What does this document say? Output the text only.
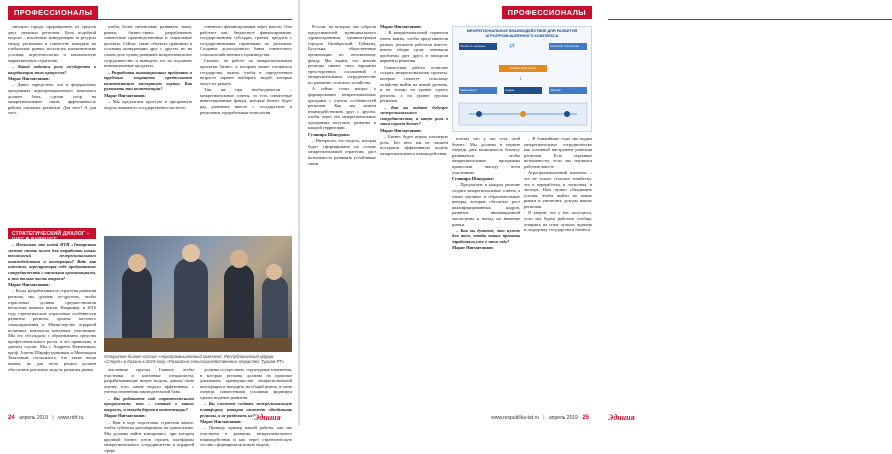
ПРОФЕССИОНАЛЫ

тинского города сформировать из средств двух смежных регионов. Цель подобной модели – исключить конкуренцию за ресурсы между регионами и совместно выходить на глобальные рынки, используя климатические условия, агротехнологии и комплексную маркетинговую стратегию.

– Какой видится роль государства в координации этих процессов?

Марат Нигматзянов:

– Давно определено, что в федеральных программах агропромышленного комплекса должен быть сделан упор на межрегиональные связи, эффективность работы смежных регионов. Для чего? А для того,

чтобы более интенсивно развивать связи, рынки, бизнес-связи, разрабатывать совместные производственные и социальные проекты. Сейчас такие объекты сравнимы в условиях конкуренции друг с другом, но на самом деле нужно развивать межрегиональное сотрудничество и выводить его на подлинно инновационные продукты.

– Разработка инновационных продуктов и трудовых мигрантов предполагает компетентную экспертную оценку. Как развивать эти компетенции?

Марат Нигматзянов:

– Мы предлагаем простую и прозрачную модель взаимного государственно-частного

ственного финансирования через налоги. Оно работает как: бюджетное финансирование, государственные субсидии, гранты, кредиты с государственными гарантиями по регионам. Создание долгосрочного банка совместного сельскохозяйственного производства.

Сказать, на работе по межрегиональным проектам бизнес, к которым может готовиться государство, важно, чтобы в определенном возрасте заранее выбирать людей, которые могут их решать.

Там же при необходимости – межрегиональные советы, то есть совместные инвестиционные фонды, которые бизнес будет рад развивать вместе с государством и регионами, прорабатывая технологии.

СТРАТЕГИЧЕСКИЙ ДИАЛОГ – ШАГ В БУДУЩЕЕ

– Насколько это новой НТИ «Татарстан может стать полем для отработки новых технологий межрегионального взаимодействия и кооперации? Ведь как известно, агрегирующая себе продуктивное сотрудничество с научными организациями, и это только часть вопроса?

Марат Нигматзянов:

– Когда разрабатывается стратегия развития региона, мы думаем, по-другому, чтобы отраслевые долины предшествовали несколько важных шагов. Например, в 2016 году стратегические отраслевые особенности развития региона, органы местного самоуправления и Министерство аграрной политики, вовлекали ключевых участников. Мы это обсуждали с образованием средства профессионального роста, и это правильно, в данном случае. Мы с Андреем Фомичевым, проф. Азатом Шарафутдиновым и Минзиадом Заляловым согласились, что такие вещи важны, но для этого регион должен обеспечить реальную модель развития рынка.

Открытое бизнес-сессия «Агропромышленный комплекс: Республиканский форум «Спорт» в Казани в 2019 году «Развитие сельскохозяйственных отраслей, Туризм РТ»

численные группы. Главное, чтобы участники и ключевые специалисты, разрабатывающие новую модель, давали свою оценку того, какие модели эффективны, с учетом изменения законодательной базы.

– Вы работаете над стратегическими программами, кто – главный в таких вопросах, и откуда берутся компетенции?

Марат Нигматзянов:

– Нам в ходе подготовки стратегии важно, чтобы субъекты разговаривали на одном языке. Мы должны найти компромисс, при котором крупный бизнес готов строить платформы межрегионального сотрудничества в аграрной сфере.

должны осуществить структурные изменения, в которых регионы должны на практике доказывать преимущества межрегиональной кооперации и выходить на общий рынок, в свою очередь совместными усилиями формируя единое видение развития.

– Вы сможете создать межрегиональную платформу, которая поможет объединить регионы, а не разделять их?

Марат Нигматзянов:

– Приведу пример нашей работы, как мы участвуем в развитии межрегионального взаимодействия и как через стратегическую сессию сформировали новую модель.

24 апрель 2019 | www.rdrf.ru	Эдиния
ПРОФЕССИОНАЛЫ

России, на которых мы собрали представителей муниципального здравоохранения, администрации городов Октябрьский, Туймазы, Бугульма, общественные организации по пенсионному фонду. Мы видим, что многие регионы имеют свои варианты трехсторонних соглашений о межрегиональном сотрудничестве по развитию сельского хозяйства.

А сейчас стоит вопрос о формировании межрегиональных программ с учетом особенностей регионов. Как мы можем взаимодействовать друг с другом, чтобы через эти межрегиональные программы получить развитие в каждой территории.

Гузнияра Шакурова:

– Интересно, что модель, которая будет сформирована на основе межрегиональной стратегии, даст возможность развивать устойчивые связи.

Марат Нигматзянов:

– В межрегиональной стратегии очень важно, чтобы представители разных регионов работали вместе, имели общие цели, понимали проблемы друг друга и находили варианты решения.

Совместная работа позволит создать межрегиональные проекты, которые помогут сельскому хозяйству выйти на новый уровень, и не только на уровне одного региона, а на уровне группы регионов.

– Как вы видите будущее межрегионального сотрудничества, и какую роль в этом играет бизнес?

Марат Нигматзянов:

– Бизнес будет играть ключевую роль. Без него мы не сможем построить эффективную модель межрегионального взаимодействия.

МЕЖРЕГИОНАЛЬНОЕ ВЗАИМОДЕЙСТВИЕ ДЛЯ РАЗВИТИЯ АГРОПРОМЫШЛЕННОГО КОМПЛЕКСА
Регион А: ресурсы	Регион Б: технологии
⇄
Совместный рынок
↓
Инвестиции	Кадры	Экспорт

потому что у нас есть свой бизнес. Мы должны в первую очередь дать возможность бизнесу развиваться, чтобы межрегиональные программы приносили выгоду всем участникам.

Гузнияра Шакурова:

– Предлагаем в каждом регионе создать межрегиональные советы, а также научные и образовательные центры, которые обеспечат рост квалифицированных кадров, развитие инновационной экосистемы и выход на внешние рынки.

– Как вы думаете, что нужно для того, чтобы такие проекты заработали уже в этом году?

Марат Нигматзянов:

– В ближайшие годы мы видим межрегиональное сотрудничество как основной инструмент развития регионов. Есть огромные возможности, если мы научимся работать вместе.

Агропромышленный комплекс – это не только сельское хозяйство, это и переработка, и логистика, и экспорт. Нам нужно объединить усилия, чтобы выйти на новые рынки и увеличить доходы наших регионов.

Я уверен, что у нас получится, если мы будем работать сообща, опираясь на опыт лучших практик и поддержку государства и бизнеса.

Эдиния
www.respublika-tat.ru | апрель 2019 25
